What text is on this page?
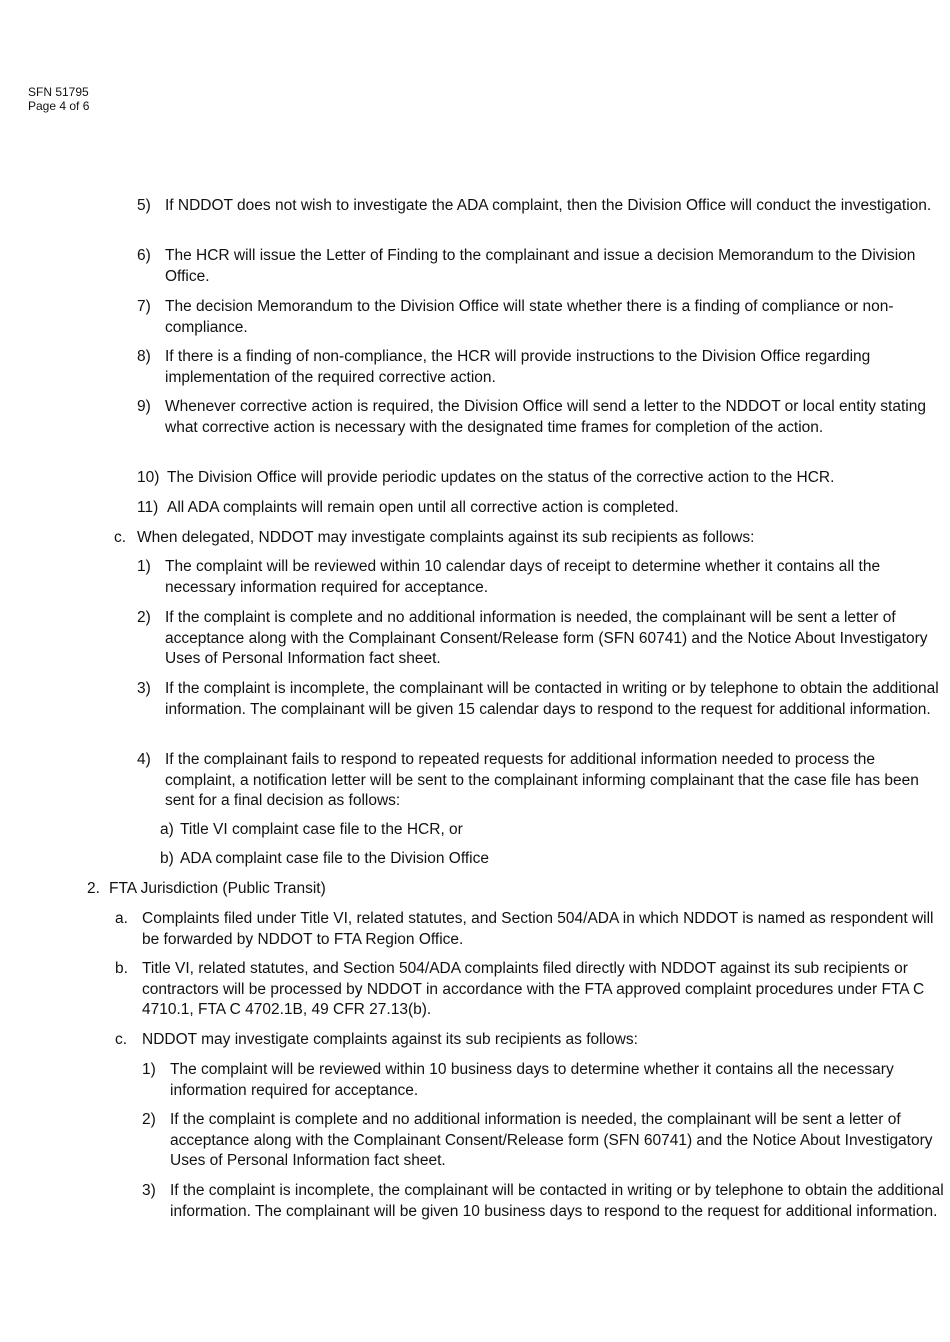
SFN 51795
Page 4 of 6
5) If NDDOT does not wish to investigate the ADA complaint, then the Division Office will conduct the investigation.
6) The HCR will issue the Letter of Finding to the complainant and issue a decision Memorandum to the Division Office.
7) The decision Memorandum to the Division Office will state whether there is a finding of compliance or non-compliance.
8) If there is a finding of non-compliance, the HCR will provide instructions to the Division Office regarding implementation of the required corrective action.
9) Whenever corrective action is required, the Division Office will send a letter to the NDDOT or local entity stating what corrective action is necessary with the designated time frames for completion of the action.
10) The Division Office will provide periodic updates on the status of the corrective action to the HCR.
11) All ADA complaints will remain open until all corrective action is completed.
c. When delegated, NDDOT may investigate complaints against its sub recipients as follows:
1) The complaint will be reviewed within 10 calendar days of receipt to determine whether it contains all the necessary information required for acceptance.
2) If the complaint is complete and no additional information is needed, the complainant will be sent a letter of acceptance along with the Complainant Consent/Release form (SFN 60741) and the Notice About Investigatory Uses of Personal Information fact sheet.
3) If the complaint is incomplete, the complainant will be contacted in writing or by telephone to obtain the additional information. The complainant will be given 15 calendar days to respond to the request for additional information.
4) If the complainant fails to respond to repeated requests for additional information needed to process the complaint, a notification letter will be sent to the complainant informing complainant that the case file has been sent for a final decision as follows:
a) Title VI complaint case file to the HCR, or
b) ADA complaint case file to the Division Office
2. FTA Jurisdiction (Public Transit)
a. Complaints filed under Title VI, related statutes, and Section 504/ADA in which NDDOT is named as respondent will be forwarded by NDDOT to FTA Region Office.
b. Title VI, related statutes, and Section 504/ADA complaints filed directly with NDDOT against its sub recipients or contractors will be processed by NDDOT in accordance with the FTA approved complaint procedures under FTA C 4710.1, FTA C 4702.1B, 49 CFR 27.13(b).
c. NDDOT may investigate complaints against its sub recipients as follows:
1) The complaint will be reviewed within 10 business days to determine whether it contains all the necessary information required for acceptance.
2) If the complaint is complete and no additional information is needed, the complainant will be sent a letter of acceptance along with the Complainant Consent/Release form (SFN 60741) and the Notice About Investigatory Uses of Personal Information fact sheet.
3) If the complaint is incomplete, the complainant will be contacted in writing or by telephone to obtain the additional information. The complainant will be given 10 business days to respond to the request for additional information.
